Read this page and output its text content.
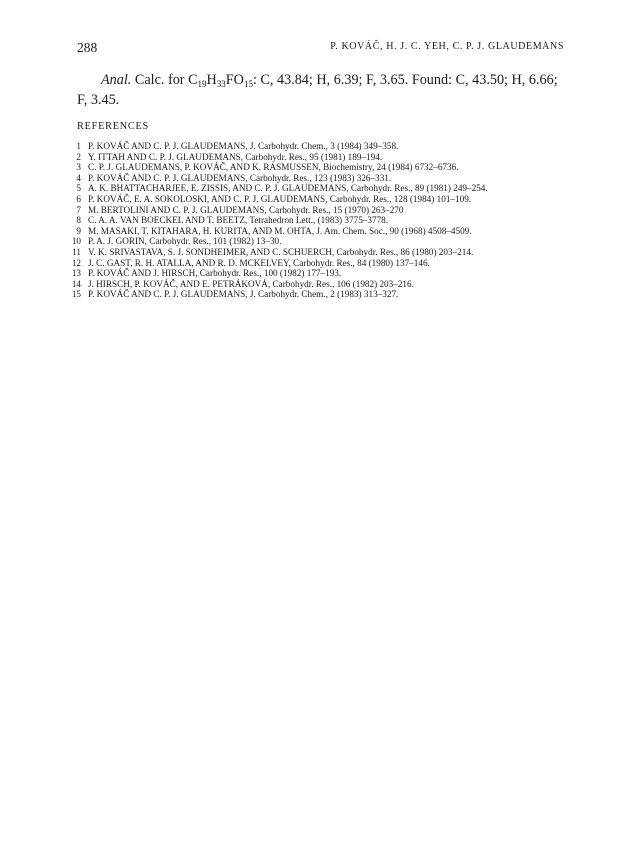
288	P. KOVÁČ, H. J. C. YEH, C. P. J. GLAUDEMANS

Anal. Calc. for $C_{19}H_{33}FO_{15}$: C, 43.84; H, 6.39; F, 3.65. Found: C, 43.50; H, 6.66; F, 3.45.

REFERENCES
1 P. KOVÁČ AND C. P. J. GLAUDEMANS, J. Carbohydr. Chem., 3 (1984) 349–358.
2 Y. ITTAH AND C. P. J. GLAUDEMANS, Carbohydr. Res., 95 (1981) 189–194.
3 C. P. J. GLAUDEMANS, P. KOVÁČ, AND K. RASMUSSEN, Biochemistry, 24 (1984) 6732–6736.
4 P. KOVÁČ AND C. P. J. GLAUDEMANS, Carbohydr. Res., 123 (1983) 326–331.
5 A. K. BHATTACHARJEE, E. ZISSIS, AND C. P. J. GLAUDEMANS, Carbohydr. Res., 89 (1981) 249–254.
6 P. KOVÁČ, E. A. SOKOLOSKI, AND C. P. J. GLAUDEMANS, Carbohydr. Res., 128 (1984) 101–109.
7 M. BERTOLINI AND C. P. J. GLAUDEMANS, Carbohydr. Res., 15 (1970) 263–270
8 C. A. A. VAN BOECKEL AND T. BEETZ, Tetrahedron Lett., (1983) 3775–3778.
9 M. MASAKI, T. KITAHARA, H. KURITA, AND M. OHTA, J. Am. Chem. Soc., 90 (1968) 4508–4509.
10 P. A. J. GORIN, Carbohydr. Res., 101 (1982) 13–30.
11 V. K. SRIVASTAVA, S. J. SONDHEIMER, AND C. SCHUERCH, Carbohydr. Res., 86 (1980) 203–214.
12 J. C. GAST, R. H. ATALLA, AND R. D. MCKELVEY, Carbohydr. Res., 84 (1980) 137–146.
13 P. KOVÁČ AND J. HIRSCH, Carbohydr. Res., 100 (1982) 177–193.
14 J. HIRSCH, P. KOVÁČ, AND E. PETRÁKOVÁ, Carbohydr. Res., 106 (1982) 203–216.
15 P. KOVÁČ AND C. P. J. GLAUDEMANS, J. Carbohydr. Chem., 2 (1983) 313–327.
